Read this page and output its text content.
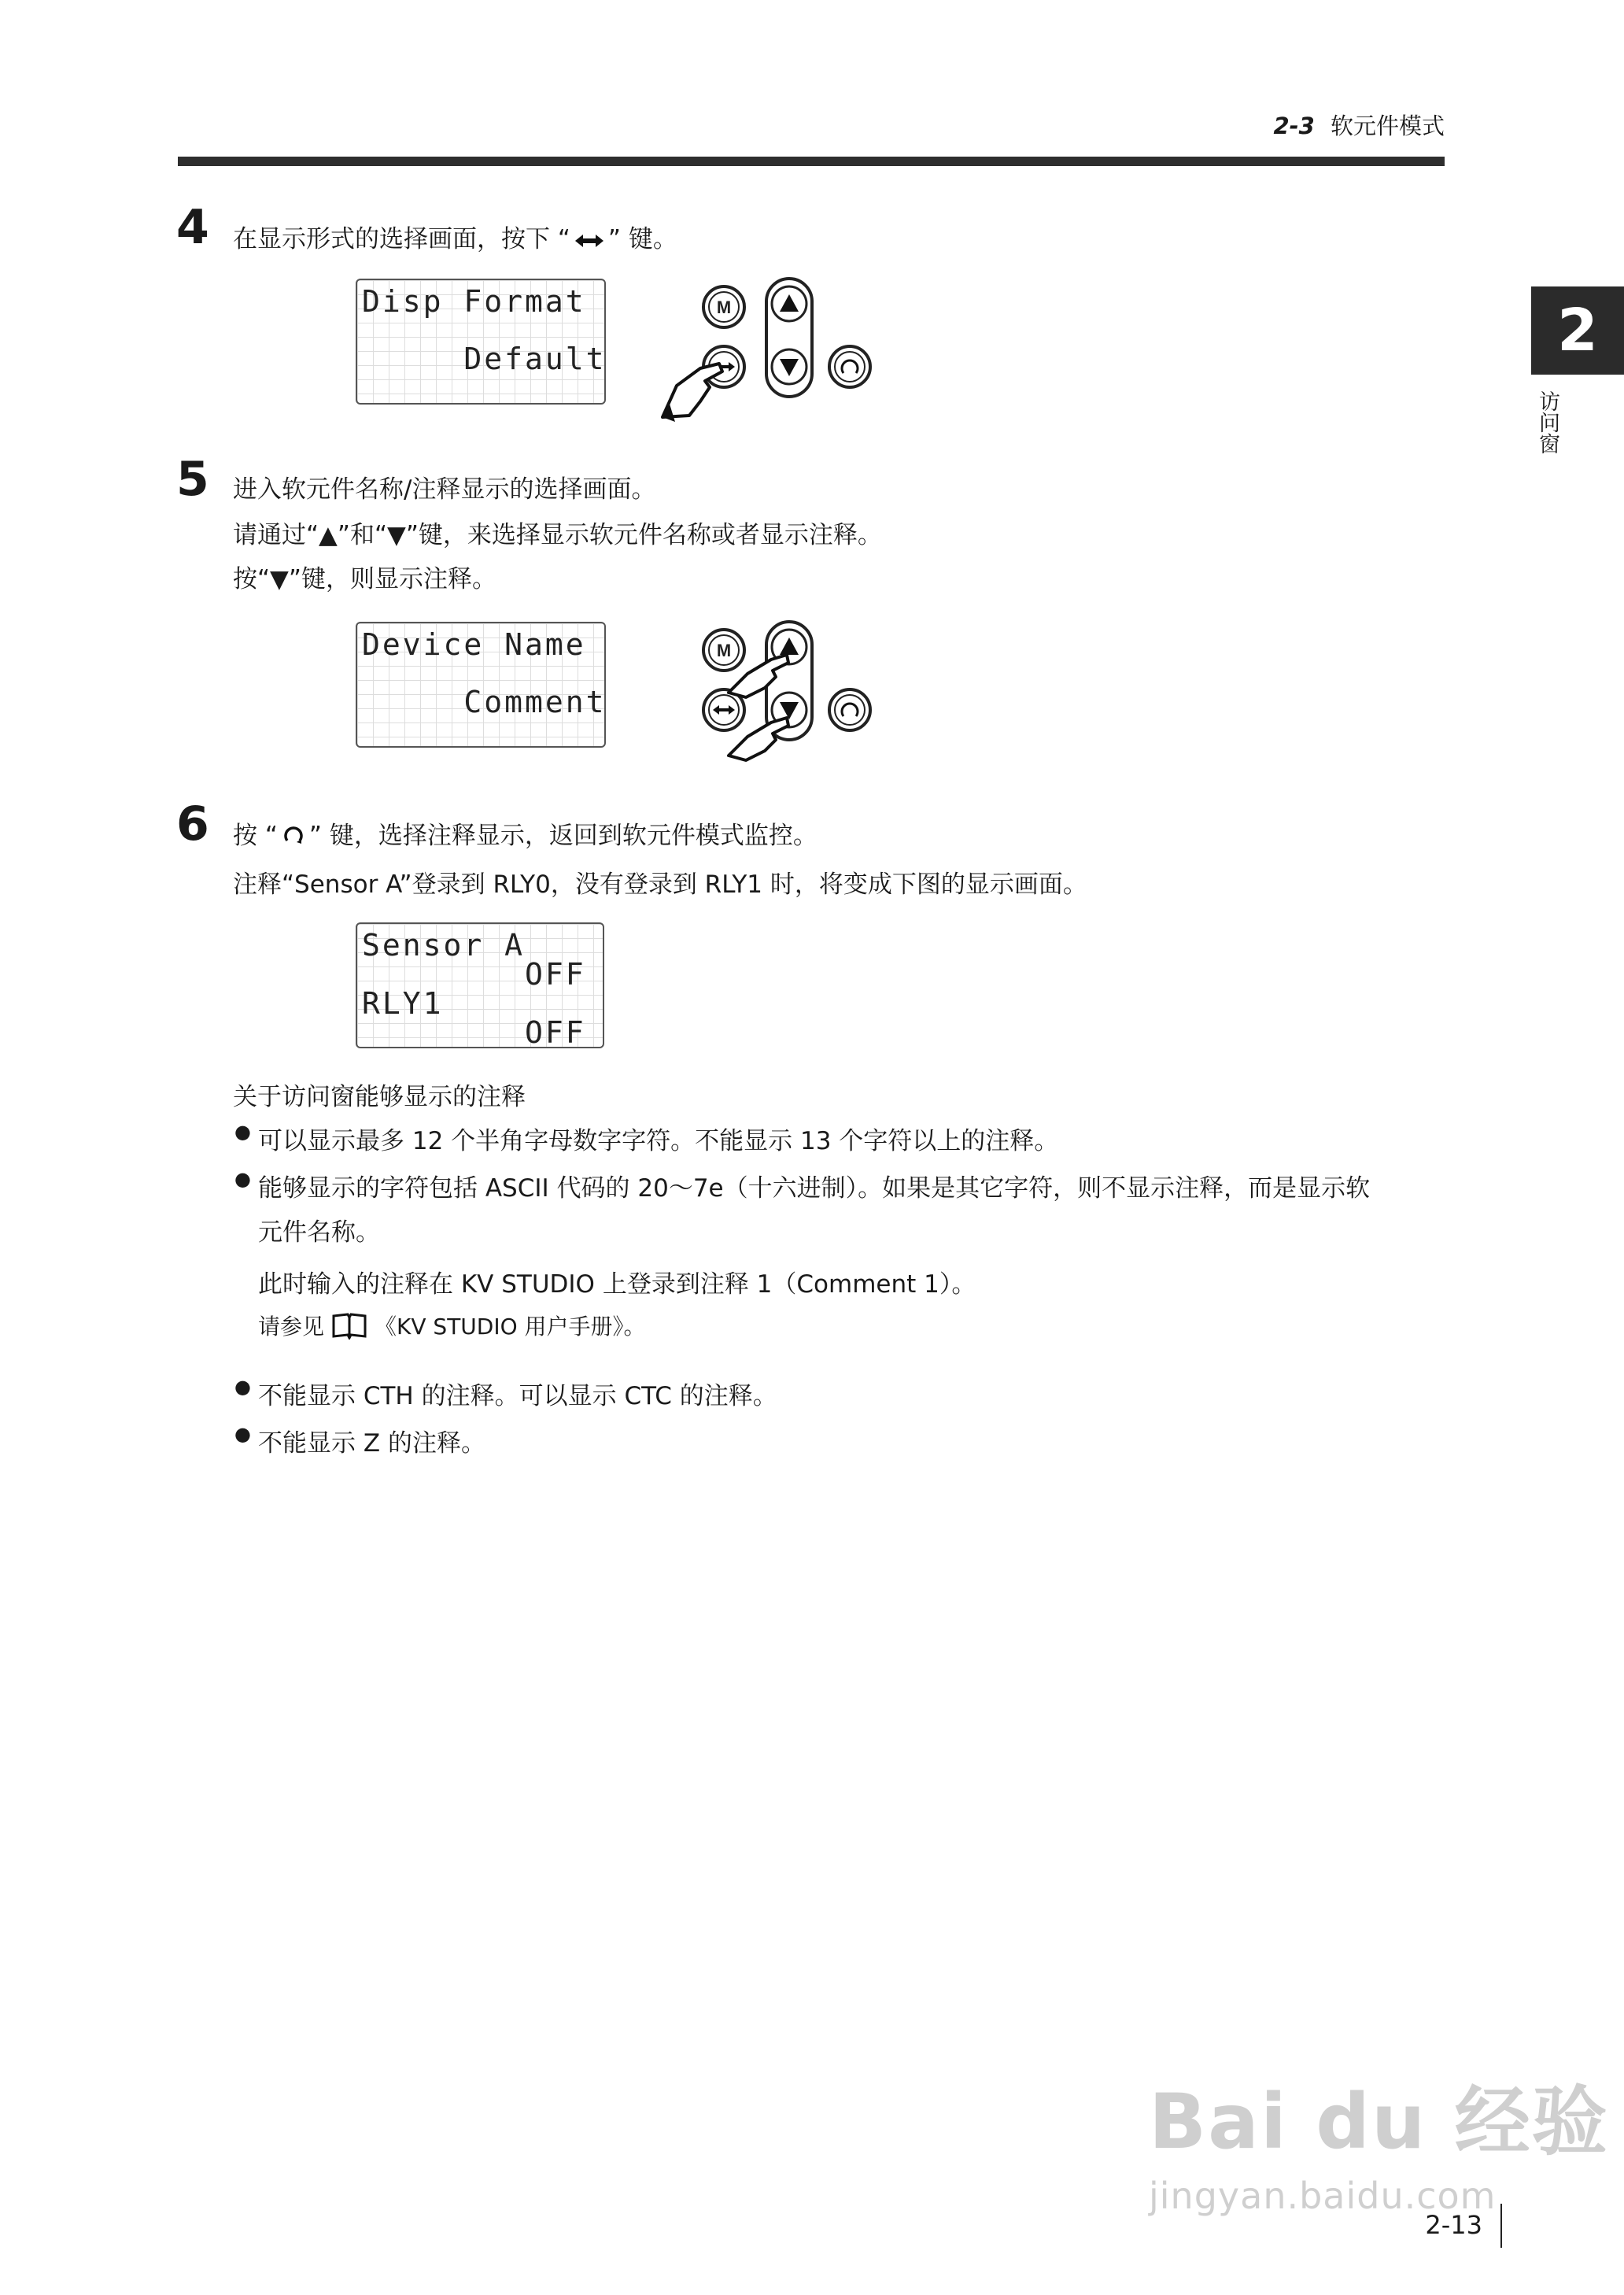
2-3 软元件模式
2
访问窗
4 在显示形式的选择画面，按下 “ ” 键。
Disp Format
Default
M
5 进入软元件名称/注释显示的选择画面。
请通过“▲”和“▼”键，来选择显示软元件名称或者显示注释。
按“▼”键，则显示注释。
Device Name
Comment
M
6 按 “ ” 键，选择注释显示，返回到软元件模式监控。
注释“Sensor A”登录到 RLY0，没有登录到 RLY1 时，将变成下图的显示画面。
Sensor A
OFF
RLY1
OFF
关于访问窗能够显示的注释
● 可以显示最多 12 个半角字母数字字符。不能显示 13 个字符以上的注释。
● 能够显示的字符包括 ASCII 代码的 20～7e（十六进制）。如果是其它字符，则不显示注释，而是显示软
元件名称。
此时输入的注释在 KV STUDIO 上登录到注释 1（Comment 1）。
请参见 《KV STUDIO 用户手册》。
● 不能显示 CTH 的注释。可以显示 CTC 的注释。
● 不能显示 Z 的注释。
Bai du 经验
jingyan.baidu.com
2-13
